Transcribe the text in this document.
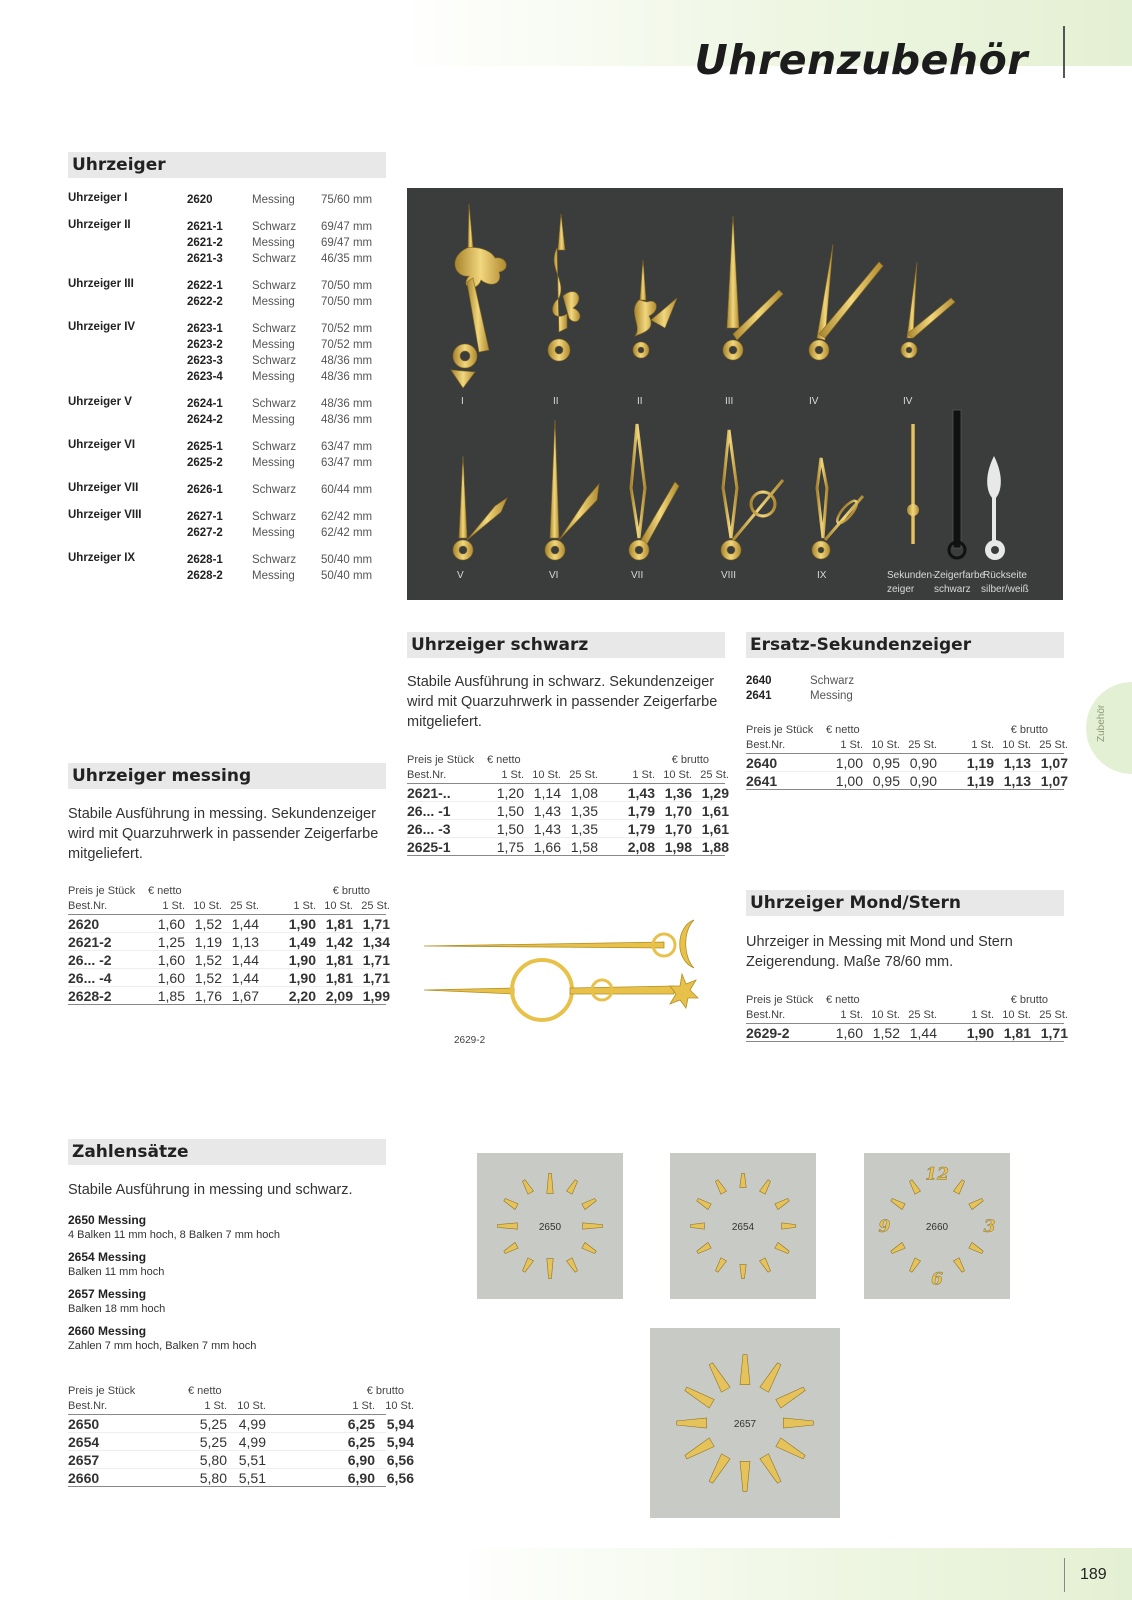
Uhrenzubehör
Zubehör
Uhrzeiger
Uhrzeiger I	2620	Messing	75/60 mm
Uhrzeiger II	2621-1	Schwarz	69/47 mm
2621-2	Messing	69/47 mm
2621-3	Schwarz	46/35 mm
Uhrzeiger III	2622-1	Schwarz	70/50 mm
2622-2	Messing	70/50 mm
Uhrzeiger IV	2623-1	Schwarz	70/52 mm
2623-2	Messing	70/52 mm
2623-3	Schwarz	48/36 mm
2623-4	Messing	48/36 mm
Uhrzeiger V	2624-1	Schwarz	48/36 mm
2624-2	Messing	48/36 mm
Uhrzeiger VI	2625-1	Schwarz	63/47 mm
2625-2	Messing	63/47 mm
Uhrzeiger VII	2626-1	Schwarz	60/44 mm
Uhrzeiger VIII	2627-1	Schwarz	62/42 mm
2627-2	Messing	62/42 mm
Uhrzeiger IX	2628-1	Schwarz	50/40 mm
2628-2	Messing	50/40 mm
I	II	II	III	IV	IV
V	VI	VII	VIII	IX	Sekunden-
zeiger
Zeigerfarbe
schwarz
Rückseite
silber/weiß
Uhrzeiger schwarz
Stabile Ausführung in schwarz. Sekundenzeiger wird mit Quarzuhrwerk in passender Zeigerfarbe mitgeliefert.
Preis je Stück	€ netto	€ brutto
Best.Nr.	1 St. 10 St. 25 St.	1 St. 10 St. 25 St.
2621-..	1,20 1,14 1,08	1,43 1,36 1,29
26... -1	1,50 1,43 1,35	1,79 1,70 1,61
26... -3	1,50 1,43 1,35	1,79 1,70 1,61
2625-1	1,75 1,66 1,58	2,08 1,98 1,88
Ersatz-Sekundenzeiger
2640	Schwarz
2641	Messing
Preis je Stück	€ netto	€ brutto
Best.Nr.	1 St. 10 St. 25 St.	1 St. 10 St. 25 St.
2640	1,00 0,95 0,90	1,19 1,13 1,07
2641	1,00 0,95 0,90	1,19 1,13 1,07
Uhrzeiger messing
Stabile Ausführung in messing. Sekundenzeiger wird mit Quarzuhrwerk in passender Zeigerfarbe mitgeliefert.
Preis je Stück	€ netto	€ brutto
Best.Nr.	1 St. 10 St. 25 St.	1 St. 10 St. 25 St.
2620	1,60 1,52 1,44	1,90 1,81 1,71
2621-2	1,25 1,19 1,13	1,49 1,42 1,34
26... -2	1,60 1,52 1,44	1,90 1,81 1,71
26... -4	1,60 1,52 1,44	1,90 1,81 1,71
2628-2	1,85 1,76 1,67	2,20 2,09 1,99
2629-2
Uhrzeiger Mond/Stern
Uhrzeiger in Messing mit Mond und Stern Zeigerendung. Maße 78/60 mm.
Preis je Stück	€ netto	€ brutto
Best.Nr.	1 St. 10 St. 25 St.	1 St. 10 St. 25 St.
2629-2	1,60 1,52 1,44	1,90 1,81 1,71
Zahlensätze
Stabile Ausführung in messing und schwarz.
2650 Messing
4 Balken 11 mm hoch, 8 Balken 7 mm hoch
2654 Messing
Balken 11 mm hoch
2657 Messing
Balken 18 mm hoch
2660 Messing
Zahlen 7 mm hoch, Balken 7 mm hoch
Preis je Stück	€ netto	€ brutto
Best.Nr.	1 St. 10 St.	1 St. 10 St.
2650	5,25 4,99	6,25 5,94
2654	5,25 4,99	6,25 5,94
2657	5,80 5,51	6,90 6,56
2660	5,80 5,51	6,90 6,56
2650	2654
12
3
6
9	2660
2657
189
